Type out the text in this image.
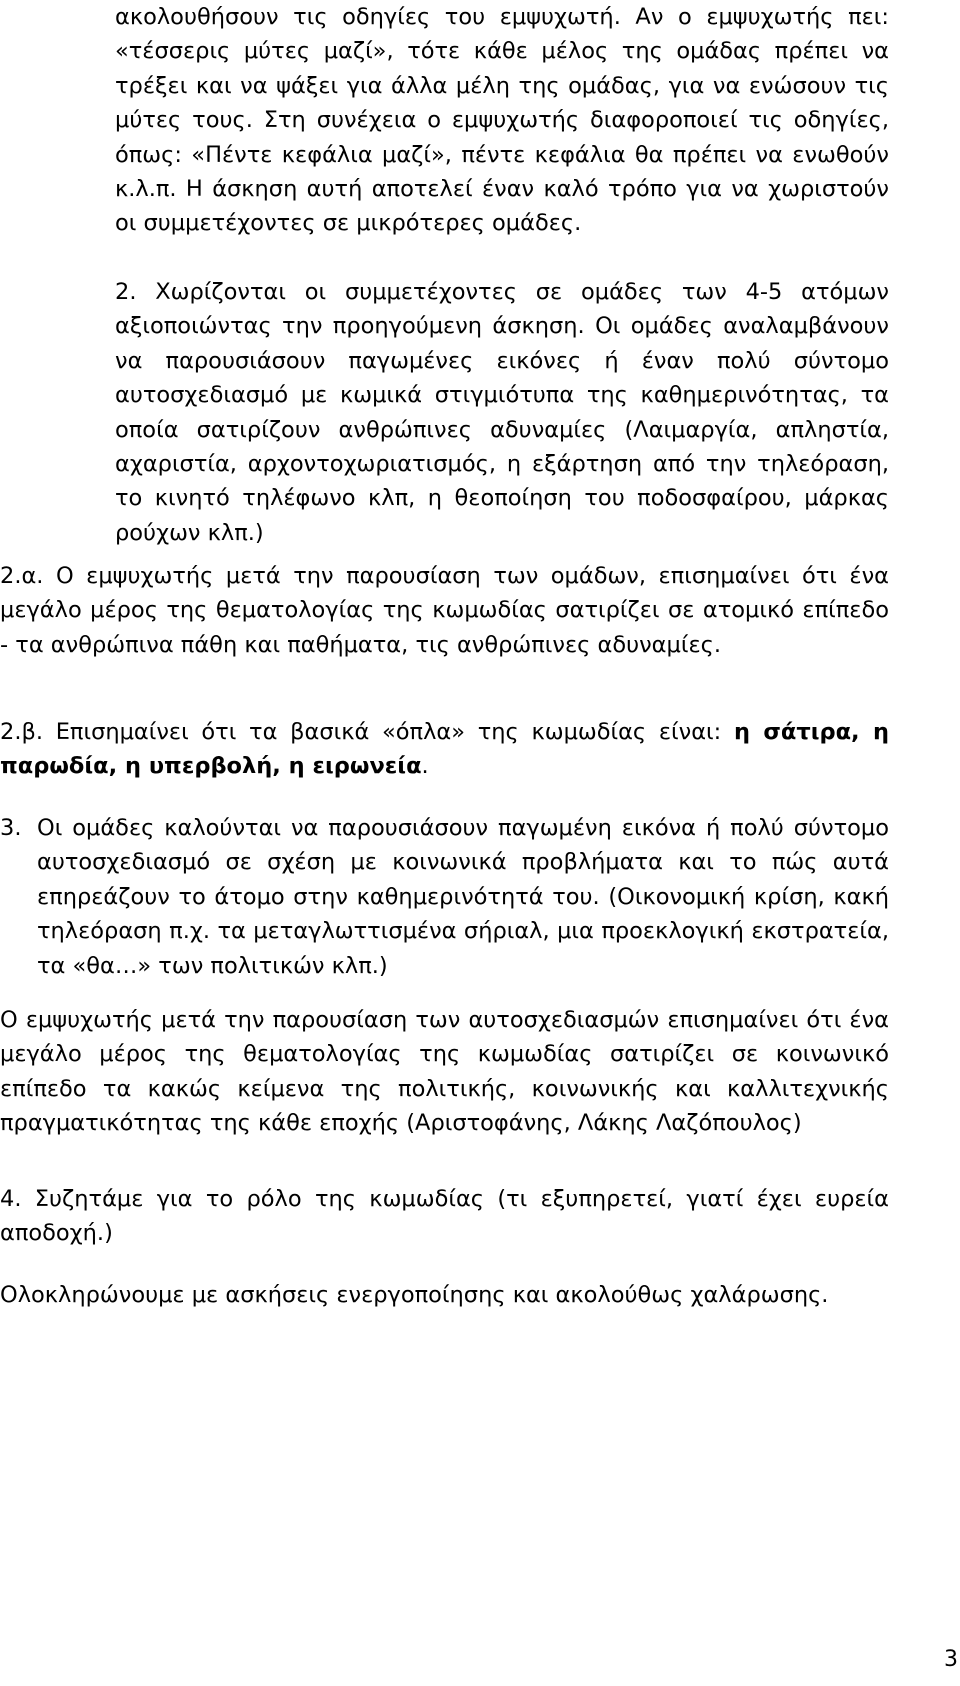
ακολουθήσουν τις οδηγίες του εμψυχωτή. Αν ο εμψυχωτής πει: «τέσσερις μύτες μαζί», τότε κάθε μέλος της ομάδας πρέπει να τρέξει και να ψάξει για άλλα μέλη της ομάδας, για να ενώσουν τις μύτες τους. Στη συνέχεια ο εμψυχωτής διαφοροποιεί τις οδηγίες, όπως: «Πέντε κεφάλια μαζί», πέντε κεφάλια θα πρέπει να ενωθούν κ.λ.π. Η άσκηση αυτή αποτελεί έναν καλό τρόπο για να χωριστούν οι συμμετέχοντες σε μικρότερες ομάδες.

2. Χωρίζονται οι συμμετέχοντες σε ομάδες των 4-5 ατόμων αξιοποιώντας την προηγούμενη άσκηση. Οι ομάδες αναλαμβάνουν να παρουσιάσουν παγωμένες εικόνες ή έναν πολύ σύντομο αυτοσχεδιασμό με κωμικά στιγμιότυπα της καθημερινότητας, τα οποία σατιρίζουν ανθρώπινες αδυναμίες (Λαιμαργία, απληστία, αχαριστία, αρχοντοχωριατισμός, η εξάρτηση από την τηλεόραση, το κινητό τηλέφωνο κλπ, η θεοποίηση του ποδοσφαίρου, μάρκας ρούχων κλπ.)

2.α. Ο εμψυχωτής μετά την παρουσίαση των ομάδων, επισημαίνει ότι ένα μεγάλο μέρος της θεματολογίας της κωμωδίας σατιρίζει σε ατομικό επίπεδο - τα ανθρώπινα πάθη και παθήματα, τις ανθρώπινες αδυναμίες.

2.β. Επισημαίνει ότι τα βασικά «όπλα» της κωμωδίας είναι: η σάτιρα, η παρωδία, η υπερβολή, η ειρωνεία.

3. Οι ομάδες καλούνται να παρουσιάσουν παγωμένη εικόνα ή πολύ σύντομο αυτοσχεδιασμό σε σχέση με κοινωνικά προβλήματα και το πώς αυτά επηρεάζουν το άτομο στην καθημερινότητά του. (Οικονομική κρίση, κακή τηλεόραση π.χ. τα μεταγλωττισμένα σήριαλ, μια προεκλογική εκστρατεία, τα «θα…» των πολιτικών κλπ.)

Ο εμψυχωτής μετά την παρουσίαση των αυτοσχεδιασμών επισημαίνει ότι ένα μεγάλο μέρος της θεματολογίας της κωμωδίας σατιρίζει σε κοινωνικό επίπεδο τα κακώς κείμενα της πολιτικής, κοινωνικής και καλλιτεχνικής πραγματικότητας της κάθε εποχής (Αριστοφάνης, Λάκης Λαζόπουλος)

4. Συζητάμε για το ρόλο της κωμωδίας (τι εξυπηρετεί, γιατί έχει ευρεία αποδοχή.)

Ολοκληρώνουμε με ασκήσεις ενεργοποίησης και ακολούθως χαλάρωσης.

3
